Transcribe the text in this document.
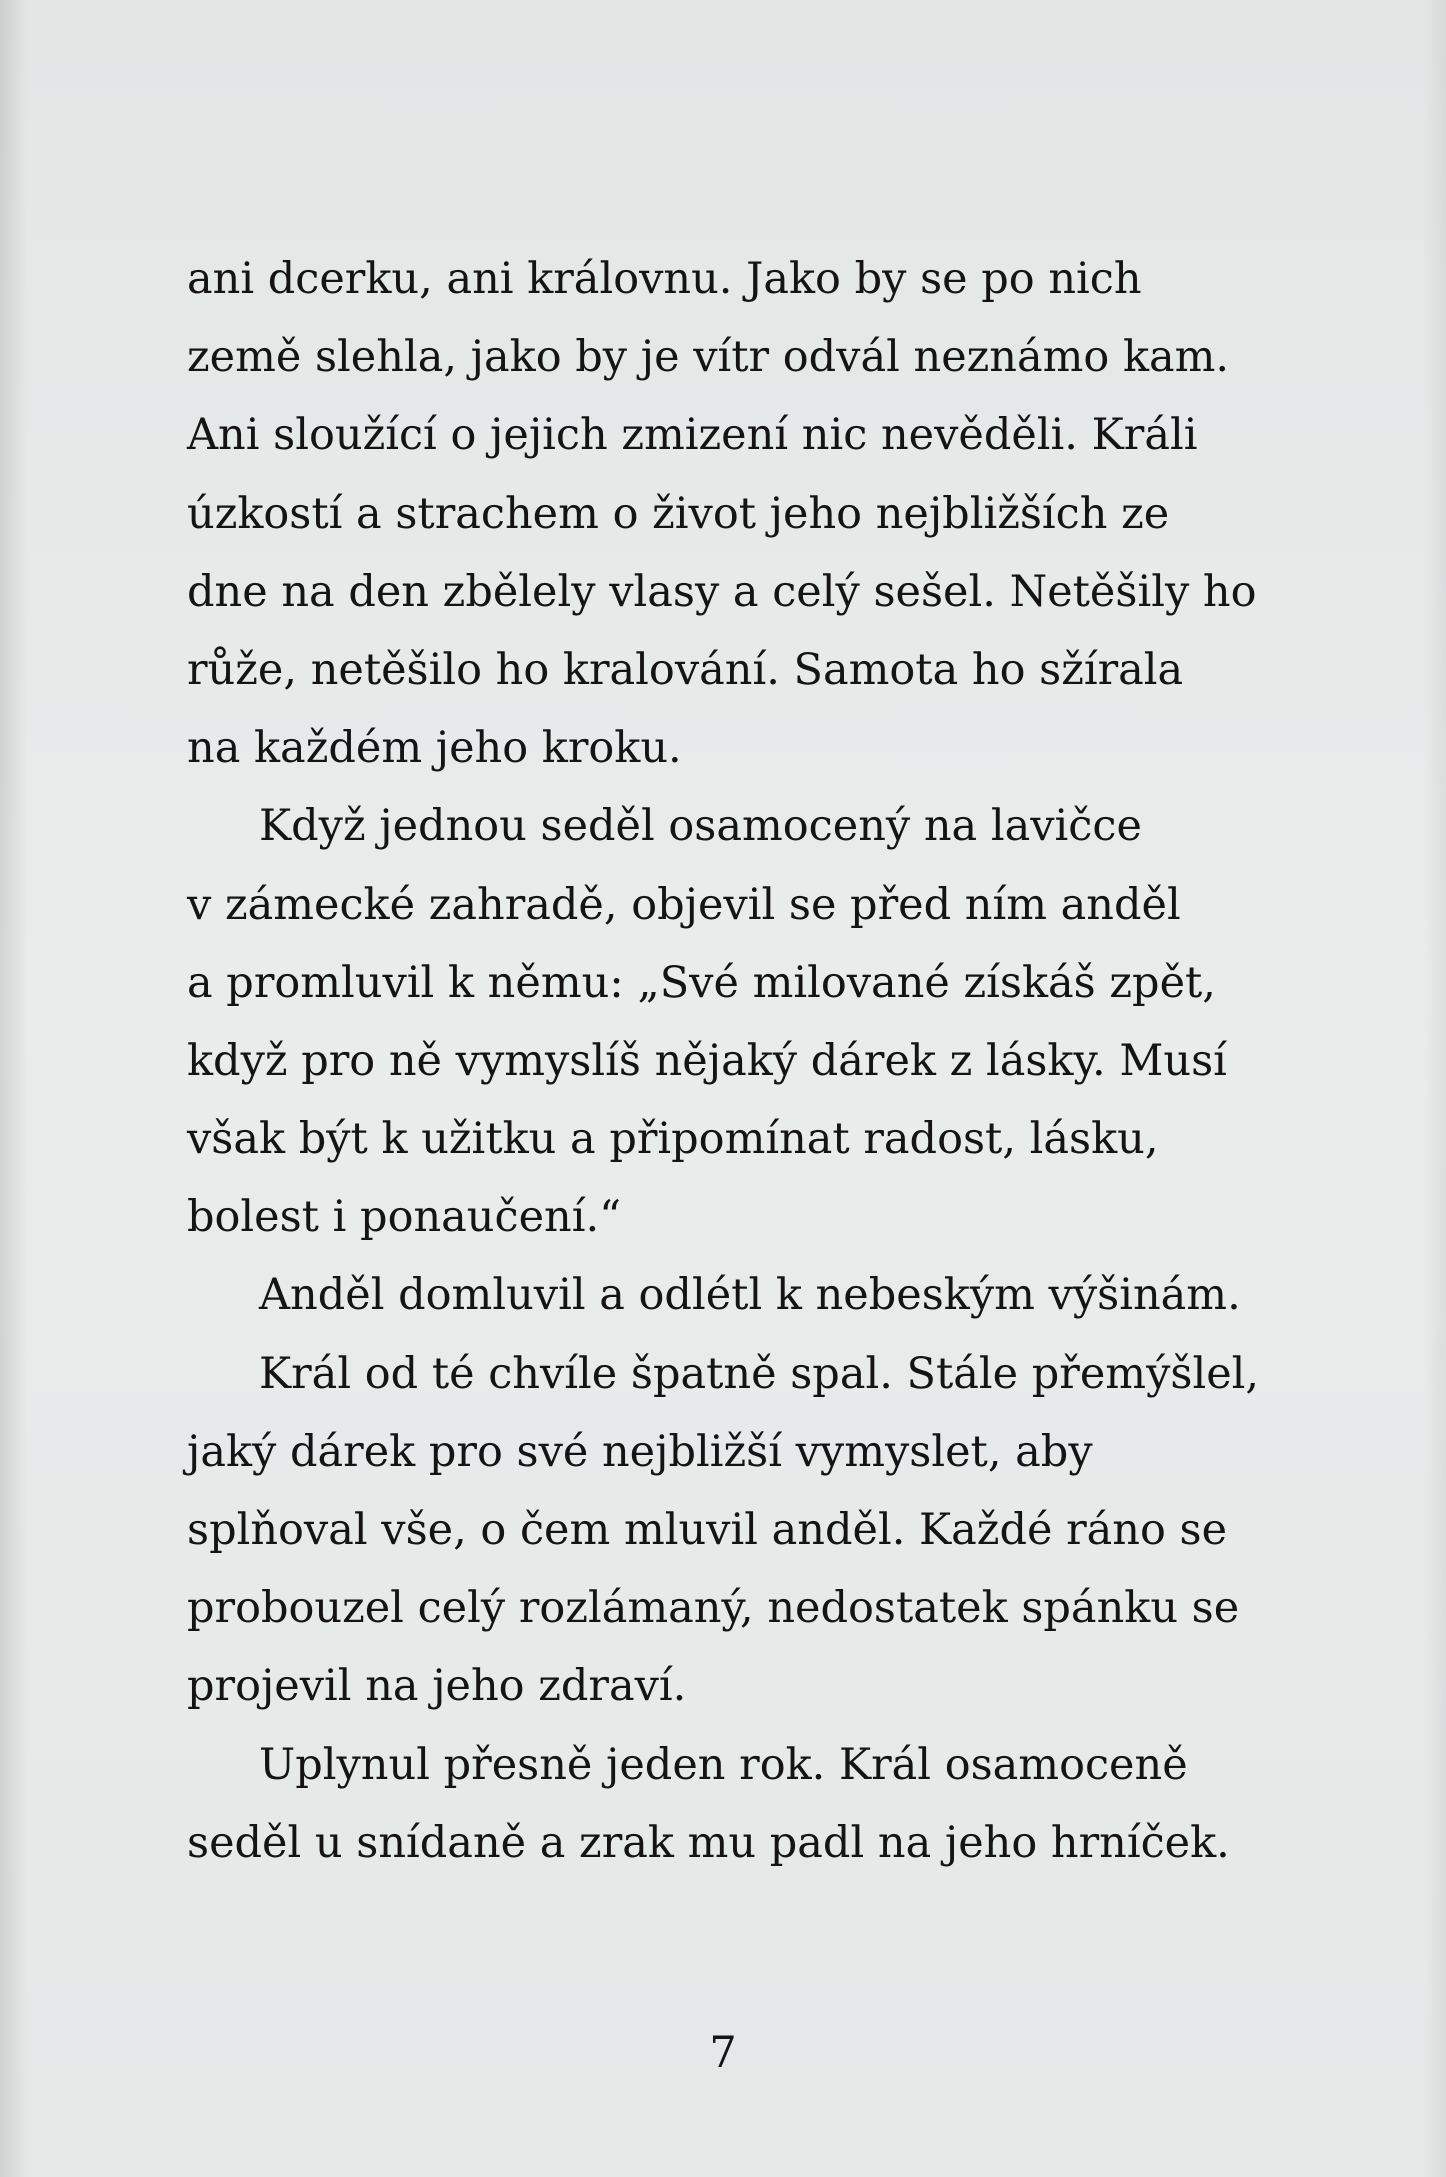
ani dcerku, ani královnu. Jako by se po nich
země slehla, jako by je vítr odvál neznámo kam.
Ani sloužící o jejich zmizení nic nevěděli. Králi
úzkostí a strachem o život jeho nejbližších ze
dne na den zbělely vlasy a celý sešel. Netěšily ho
růže, netěšilo ho kralování. Samota ho sžírala
na každém jeho kroku.
Když jednou seděl osamocený na lavičce
v zámecké zahradě, objevil se před ním anděl
a promluvil k němu: „Své milované získáš zpět,
když pro ně vymyslíš nějaký dárek z lásky. Musí
však být k užitku a připomínat radost, lásku,
bolest i ponaučení.“
Anděl domluvil a odlétl k nebeským výšinám.
Král od té chvíle špatně spal. Stále přemýšlel,
jaký dárek pro své nejbližší vymyslet, aby
splňoval vše, o čem mluvil anděl. Každé ráno se
probouzel celý rozlámaný, nedostatek spánku se
projevil na jeho zdraví.
Uplynul přesně jeden rok. Král osamoceně
seděl u snídaně a zrak mu padl na jeho hrníček.
7
